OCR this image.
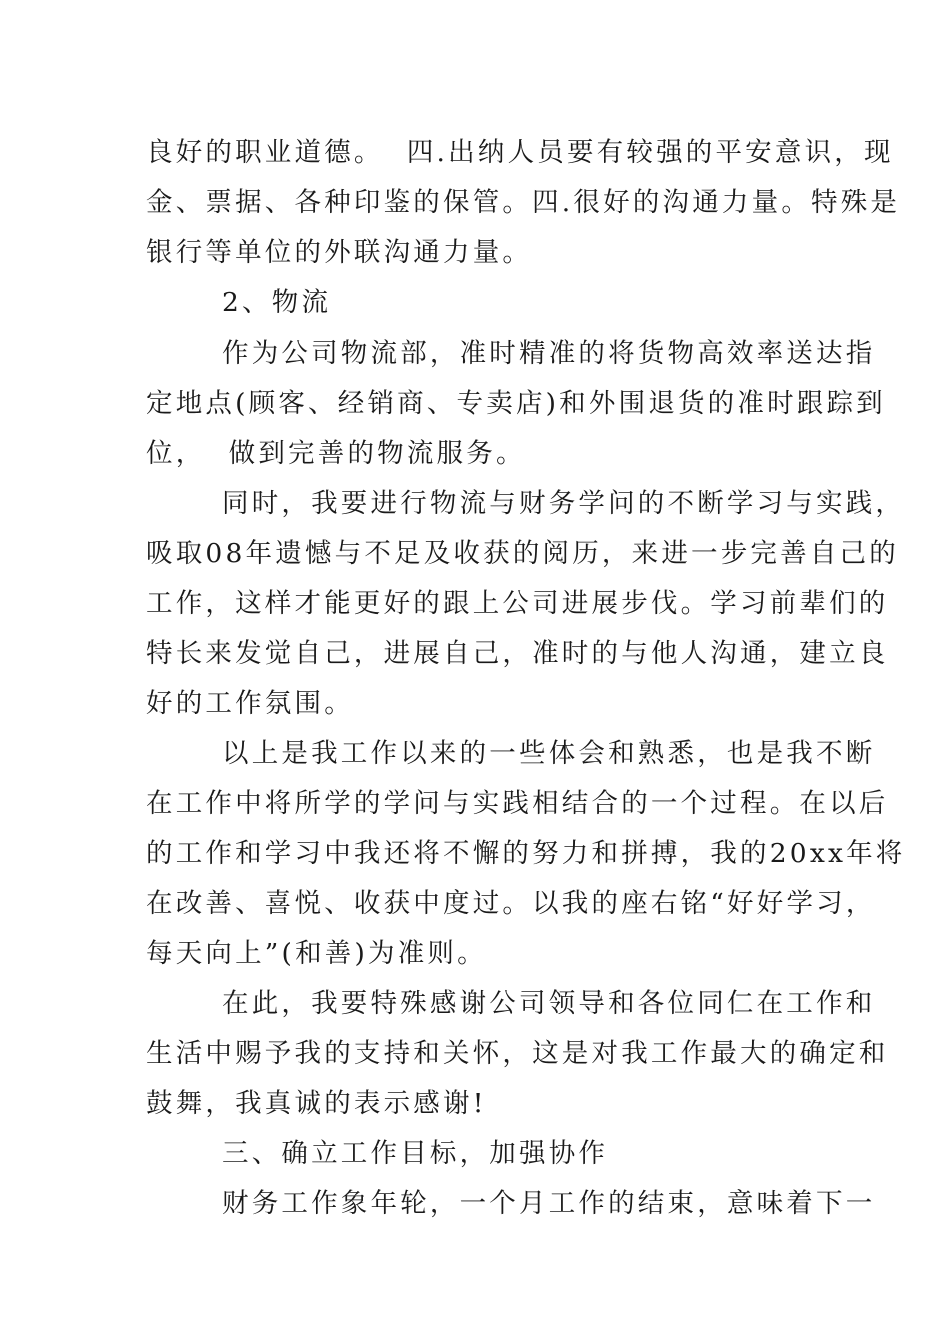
良好的职业道德。  四.出纳人员要有较强的平安意识，现
金、票据、各种印鉴的保管。四.很好的沟通力量。特殊是
银行等单位的外联沟通力量。
2、物流
作为公司物流部，准时精准的将货物高效率送达指
定地点(顾客、经销商、专卖店)和外围退货的准时跟踪到
位，  做到完善的物流服务。
同时，我要进行物流与财务学问的不断学习与实践，
吸取08年遗憾与不足及收获的阅历，来进一步完善自己的
工作，这样才能更好的跟上公司进展步伐。学习前辈们的
特长来发觉自己，进展自己，准时的与他人沟通，建立良
好的工作氛围。
以上是我工作以来的一些体会和熟悉，也是我不断
在工作中将所学的学问与实践相结合的一个过程。在以后
的工作和学习中我还将不懈的努力和拼搏，我的20xx年将
在改善、喜悦、收获中度过。以我的座右铭“好好学习，
每天向上”(和善)为准则。
在此，我要特殊感谢公司领导和各位同仁在工作和
生活中赐予我的支持和关怀，这是对我工作最大的确定和
鼓舞，我真诚的表示感谢!
三、确立工作目标，加强协作
财务工作象年轮，一个月工作的结束，意味着下一
